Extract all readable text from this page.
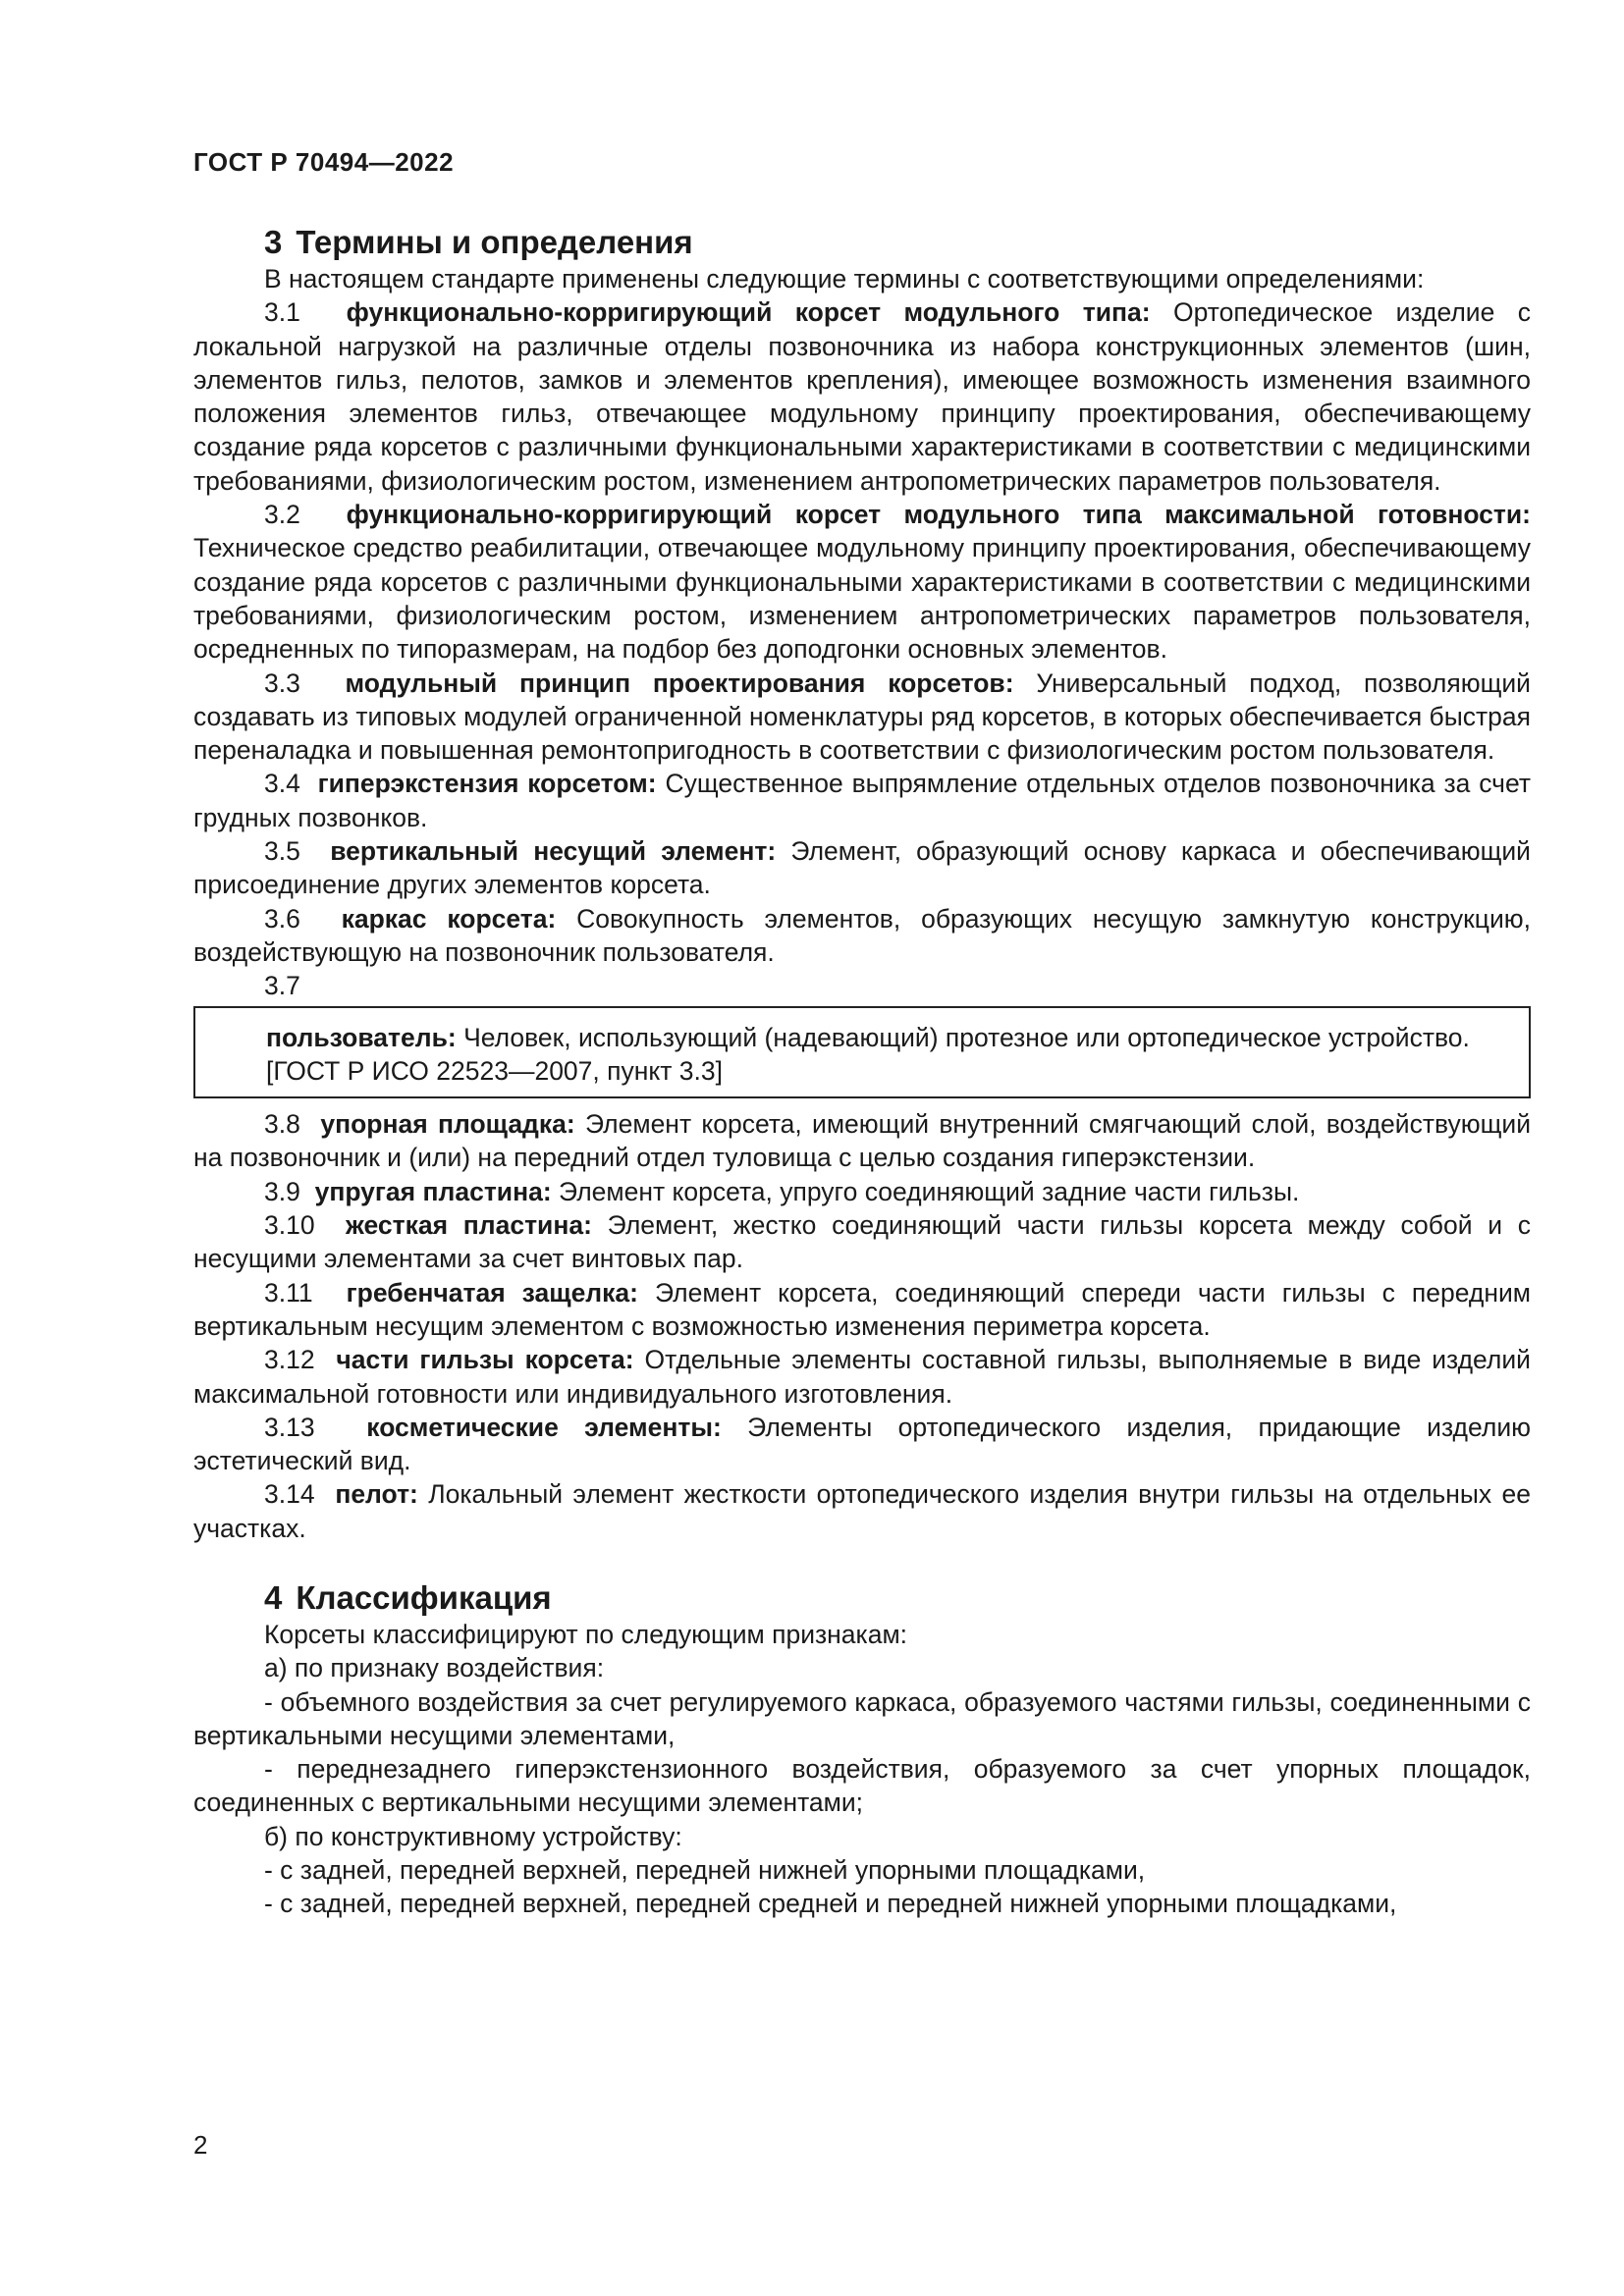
ГОСТ Р 70494—2022
3 Термины и определения

В настоящем стандарте применены следующие термины с соответствующими определениями:

3.1 функционально-корригирующий корсет модульного типа: Ортопедическое изделие с локальной нагрузкой на различные отделы позвоночника из набора конструкционных элементов (шин, элементов гильз, пелотов, замков и элементов крепления), имеющее возможность изменения взаимного положения элементов гильз, отвечающее модульному принципу проектирования, обеспечивающему создание ряда корсетов с различными функциональными характеристиками в соответствии с медицинскими требованиями, физиологическим ростом, изменением антропометрических параметров пользователя.

3.2 функционально-корригирующий корсет модульного типа максимальной готовности: Техническое средство реабилитации, отвечающее модульному принципу проектирования, обеспечивающему создание ряда корсетов с различными функциональными характеристиками в соответствии с медицинскими требованиями, физиологическим ростом, изменением антропометрических параметров пользователя, осредненных по типоразмерам, на подбор без доподгонки основных элементов.

3.3 модульный принцип проектирования корсетов: Универсальный подход, позволяющий создавать из типовых модулей ограниченной номенклатуры ряд корсетов, в которых обеспечивается быстрая переналадка и повышенная ремонтопригодность в соответствии с физиологическим ростом пользователя.

3.4 гиперэкстензия корсетом: Существенное выпрямление отдельных отделов позвоночника за счет грудных позвонков.

3.5 вертикальный несущий элемент: Элемент, образующий основу каркаса и обеспечивающий присоединение других элементов корсета.

3.6 каркас корсета: Совокупность элементов, образующих несущую замкнутую конструкцию, воздействующую на позвоночник пользователя.

3.7

пользователь: Человек, использующий (надевающий) протезное или ортопедическое устройство.

[ГОСТ Р ИСО 22523—2007, пункт 3.3]

3.8 упорная площадка: Элемент корсета, имеющий внутренний смягчающий слой, воздействующий на позвоночник и (или) на передний отдел туловища с целью создания гиперэкстензии.

3.9 упругая пластина: Элемент корсета, упруго соединяющий задние части гильзы.

3.10 жесткая пластина: Элемент, жестко соединяющий части гильзы корсета между собой и с несущими элементами за счет винтовых пар.

3.11 гребенчатая защелка: Элемент корсета, соединяющий спереди части гильзы с передним вертикальным несущим элементом с возможностью изменения периметра корсета.

3.12 части гильзы корсета: Отдельные элементы составной гильзы, выполняемые в виде изделий максимальной готовности или индивидуального изготовления.

3.13 косметические элементы: Элементы ортопедического изделия, придающие изделию эстетический вид.

3.14 пелот: Локальный элемент жесткости ортопедического изделия внутри гильзы на отдельных ее участках.

4 Классификация

Корсеты классифицируют по следующим признакам:

а) по признаку воздействия:

- объемного воздействия за счет регулируемого каркаса, образуемого частями гильзы, соединенными с вертикальными несущими элементами,

- переднезаднего гиперэкстензионного воздействия, образуемого за счет упорных площадок, соединенных с вертикальными несущими элементами;

б) по конструктивному устройству:

- с задней, передней верхней, передней нижней упорными площадками,

- с задней, передней верхней, передней средней и передней нижней упорными площадками,

2
